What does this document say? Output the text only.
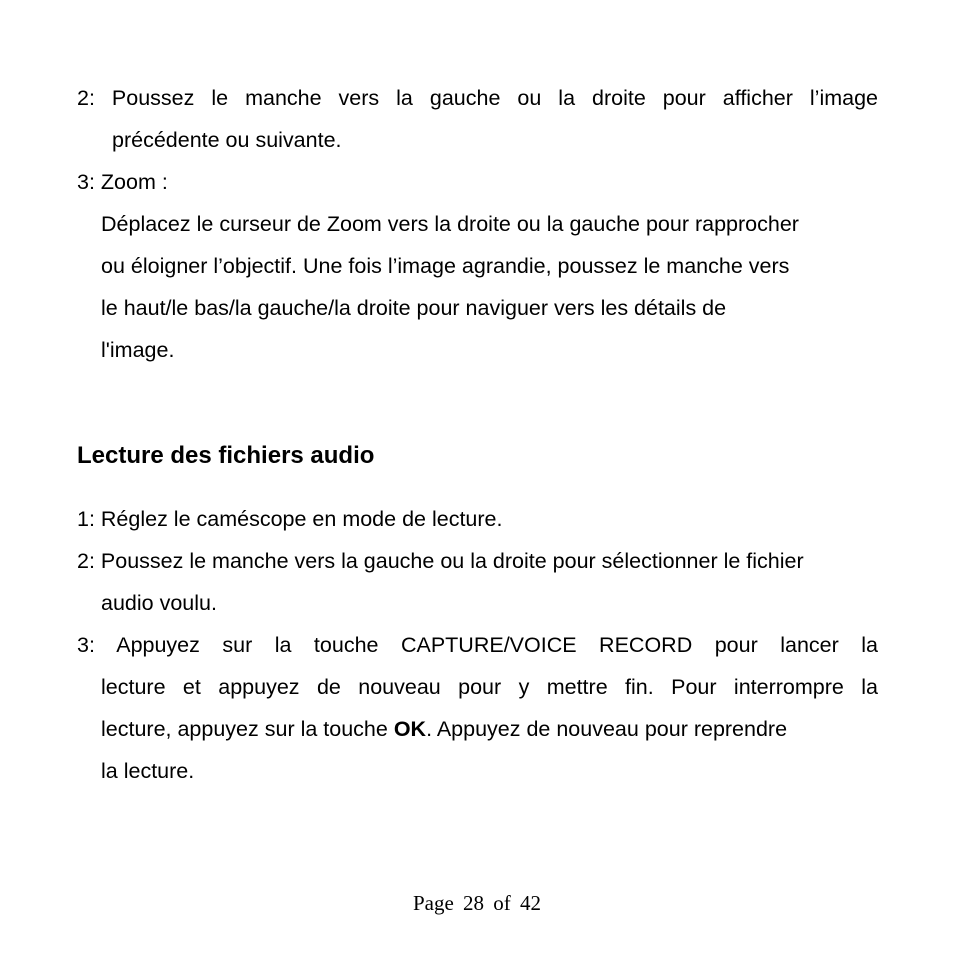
2: Poussez le manche vers la gauche ou la droite pour afficher l’image
précédente ou suivante.
3: Zoom :
Déplacez le curseur de Zoom vers la droite ou la gauche pour rapprocher
ou éloigner l’objectif. Une fois l’image agrandie, poussez le manche vers
le haut/le bas/la gauche/la droite pour naviguer vers les détails de
l'image.
Lecture des fichiers audio
1: Réglez le caméscope en mode de lecture.
2: Poussez le manche vers la gauche ou la droite pour sélectionner le fichier
audio voulu.
3: Appuyez sur la touche CAPTURE/VOICE RECORD pour lancer la
lecture et appuyez de nouveau pour y mettre fin. Pour interrompre la
lecture, appuyez sur la touche OK. Appuyez de nouveau pour reprendre
la lecture.
Page 28 of 42
